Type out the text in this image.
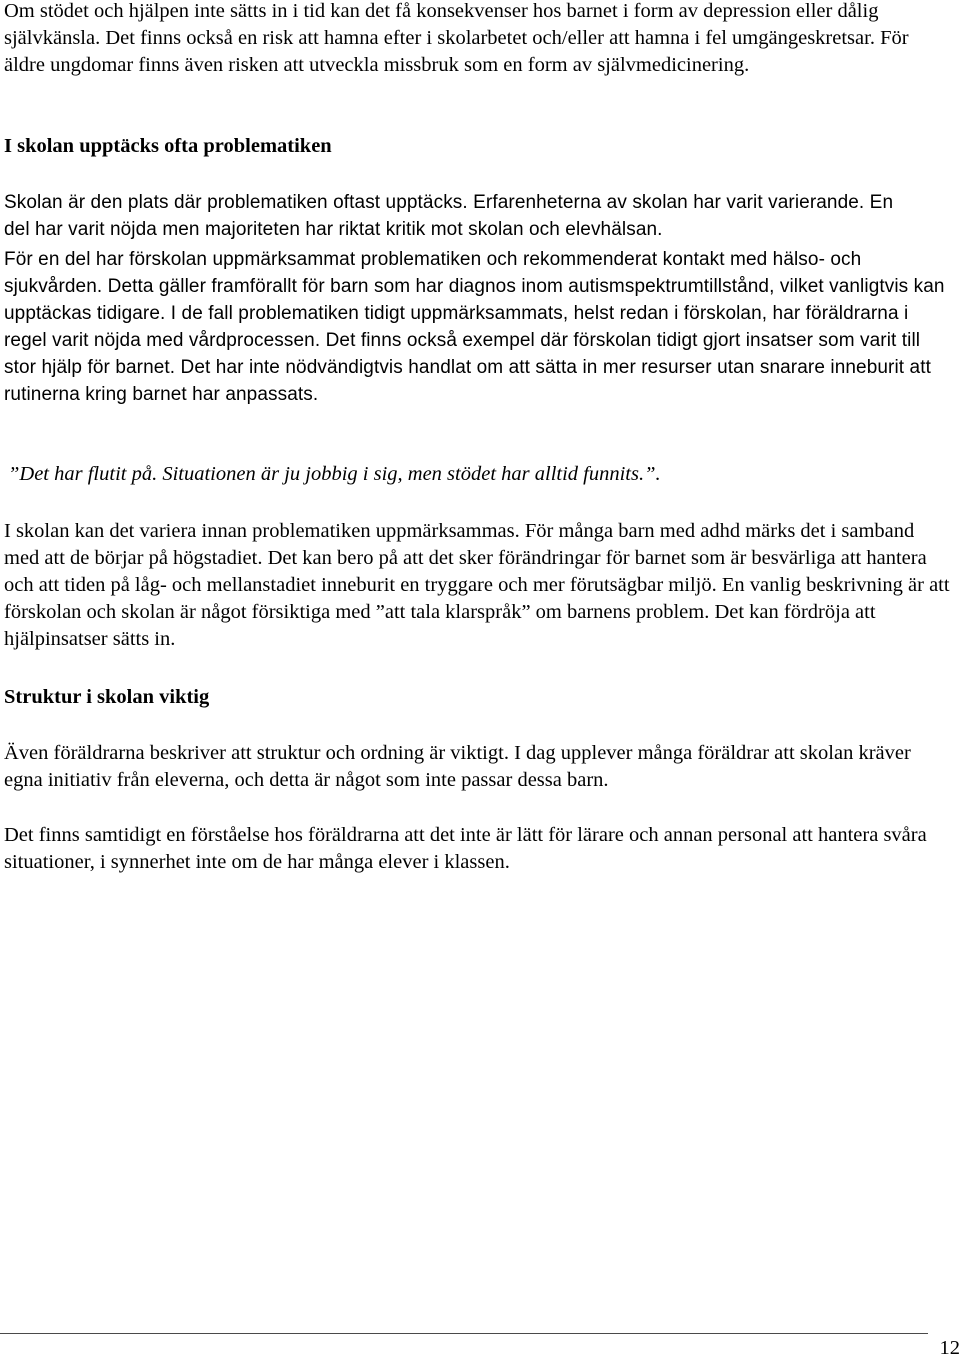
Om stödet och hjälpen inte sätts in i tid kan det få konsekvenser hos barnet i form av depression eller dålig självkänsla. Det finns också en risk att hamna efter i skolarbetet och/eller att hamna i fel umgängeskretsar. För äldre ungdomar finns även risken att utveckla missbruk som en form av självmedicinering.

I skolan upptäcks ofta problematiken

Skolan är den plats där problematiken oftast upptäcks. Erfarenheterna av skolan har varit varierande. En del har varit nöjda men majoriteten har riktat kritik mot skolan och elevhälsan.

För en del har förskolan uppmärksammat problematiken och rekommenderat kontakt med hälso- och sjukvården. Detta gäller framförallt för barn som har diagnos inom autismspektrumtillstånd, vilket vanligtvis kan upptäckas tidigare. I de fall problematiken tidigt uppmärksammats, helst redan i förskolan, har föräldrarna i regel varit nöjda med vårdprocessen. Det finns också exempel där förskolan tidigt gjort insatser som varit till stor hjälp för barnet. Det har inte nödvändigtvis handlat om att sätta in mer resurser utan snarare inneburit att rutinerna kring barnet har anpassats.

”Det har flutit på. Situationen är ju jobbig i sig, men stödet har alltid funnits.”.

I skolan kan det variera innan problematiken uppmärksammas. För många barn med adhd märks det i samband med att de börjar på högstadiet. Det kan bero på att det sker förändringar för barnet som är besvärliga att hantera och att tiden på låg- och mellanstadiet inneburit en tryggare och mer förutsägbar miljö. En vanlig beskrivning är att förskolan och skolan är något försiktiga med ”att tala klarspråk” om barnens problem. Det kan fördröja att hjälpinsatser sätts in.

Struktur i skolan viktig

Även föräldrarna beskriver att struktur och ordning är viktigt. I dag upplever många föräldrar att skolan kräver egna initiativ från eleverna, och detta är något som inte passar dessa barn.

Det finns samtidigt en förståelse hos föräldrarna att det inte är lätt för lärare och annan personal att hantera svåra situationer, i synnerhet inte om de har många elever i klassen.

12
